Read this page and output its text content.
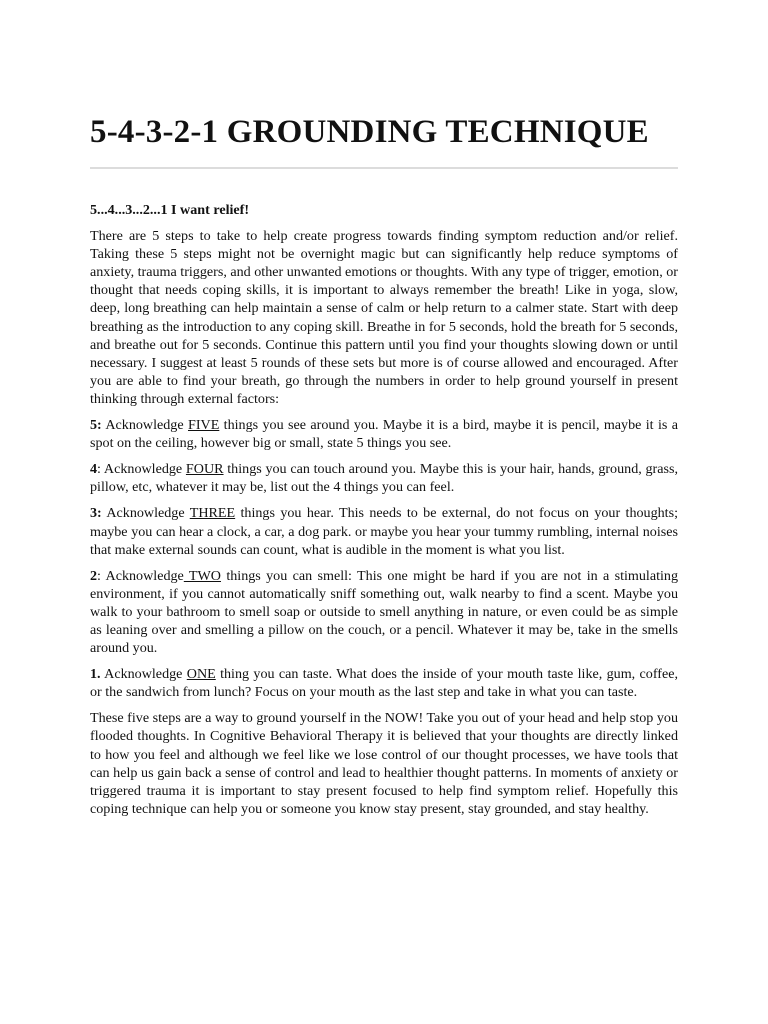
5-4-3-2-1 GROUNDING TECHNIQUE

5...4...3...2...1 I want relief!

There are 5 steps to take to help create progress towards finding symptom reduction and/or relief. Taking these 5 steps might not be overnight magic but can significantly help reduce symptoms of anxiety, trauma triggers, and other unwanted emotions or thoughts. With any type of trigger, emotion, or thought that needs coping skills, it is important to always remember the breath! Like in yoga, slow, deep, long breathing can help maintain a sense of calm or help return to a calmer state. Start with deep breathing as the introduction to any coping skill. Breathe in for 5 seconds, hold the breath for 5 seconds, and breathe out for 5 seconds. Continue this pattern until you find your thoughts slowing down or until necessary. I suggest at least 5 rounds of these sets but more is of course allowed and encouraged. After you are able to find your breath, go through the numbers in order to help ground yourself in present thinking through external factors:

5: Acknowledge FIVE things you see around you. Maybe it is a bird, maybe it is pencil, maybe it is a spot on the ceiling, however big or small, state 5 things you see.

4: Acknowledge FOUR things you can touch around you. Maybe this is your hair, hands, ground, grass, pillow, etc, whatever it may be, list out the 4 things you can feel.

3: Acknowledge THREE things you hear. This needs to be external, do not focus on your thoughts; maybe you can hear a clock, a car, a dog park. or maybe you hear your tummy rumbling, internal noises that make external sounds can count, what is audible in the moment is what you list.

2: Acknowledge TWO things you can smell: This one might be hard if you are not in a stimulating environment, if you cannot automatically sniff something out, walk nearby to find a scent. Maybe you walk to your bathroom to smell soap or outside to smell anything in nature, or even could be as simple as leaning over and smelling a pillow on the couch, or a pencil. Whatever it may be, take in the smells around you.

1. Acknowledge ONE thing you can taste. What does the inside of your mouth taste like, gum, coffee, or the sandwich from lunch? Focus on your mouth as the last step and take in what you can taste.

These five steps are a way to ground yourself in the NOW! Take you out of your head and help stop you flooded thoughts. In Cognitive Behavioral Therapy it is believed that your thoughts are directly linked to how you feel and although we feel like we lose control of our thought processes, we have tools that can help us gain back a sense of control and lead to healthier thought patterns. In moments of anxiety or triggered trauma it is important to stay present focused to help find symptom relief. Hopefully this coping technique can help you or someone you know stay present, stay grounded, and stay healthy.
